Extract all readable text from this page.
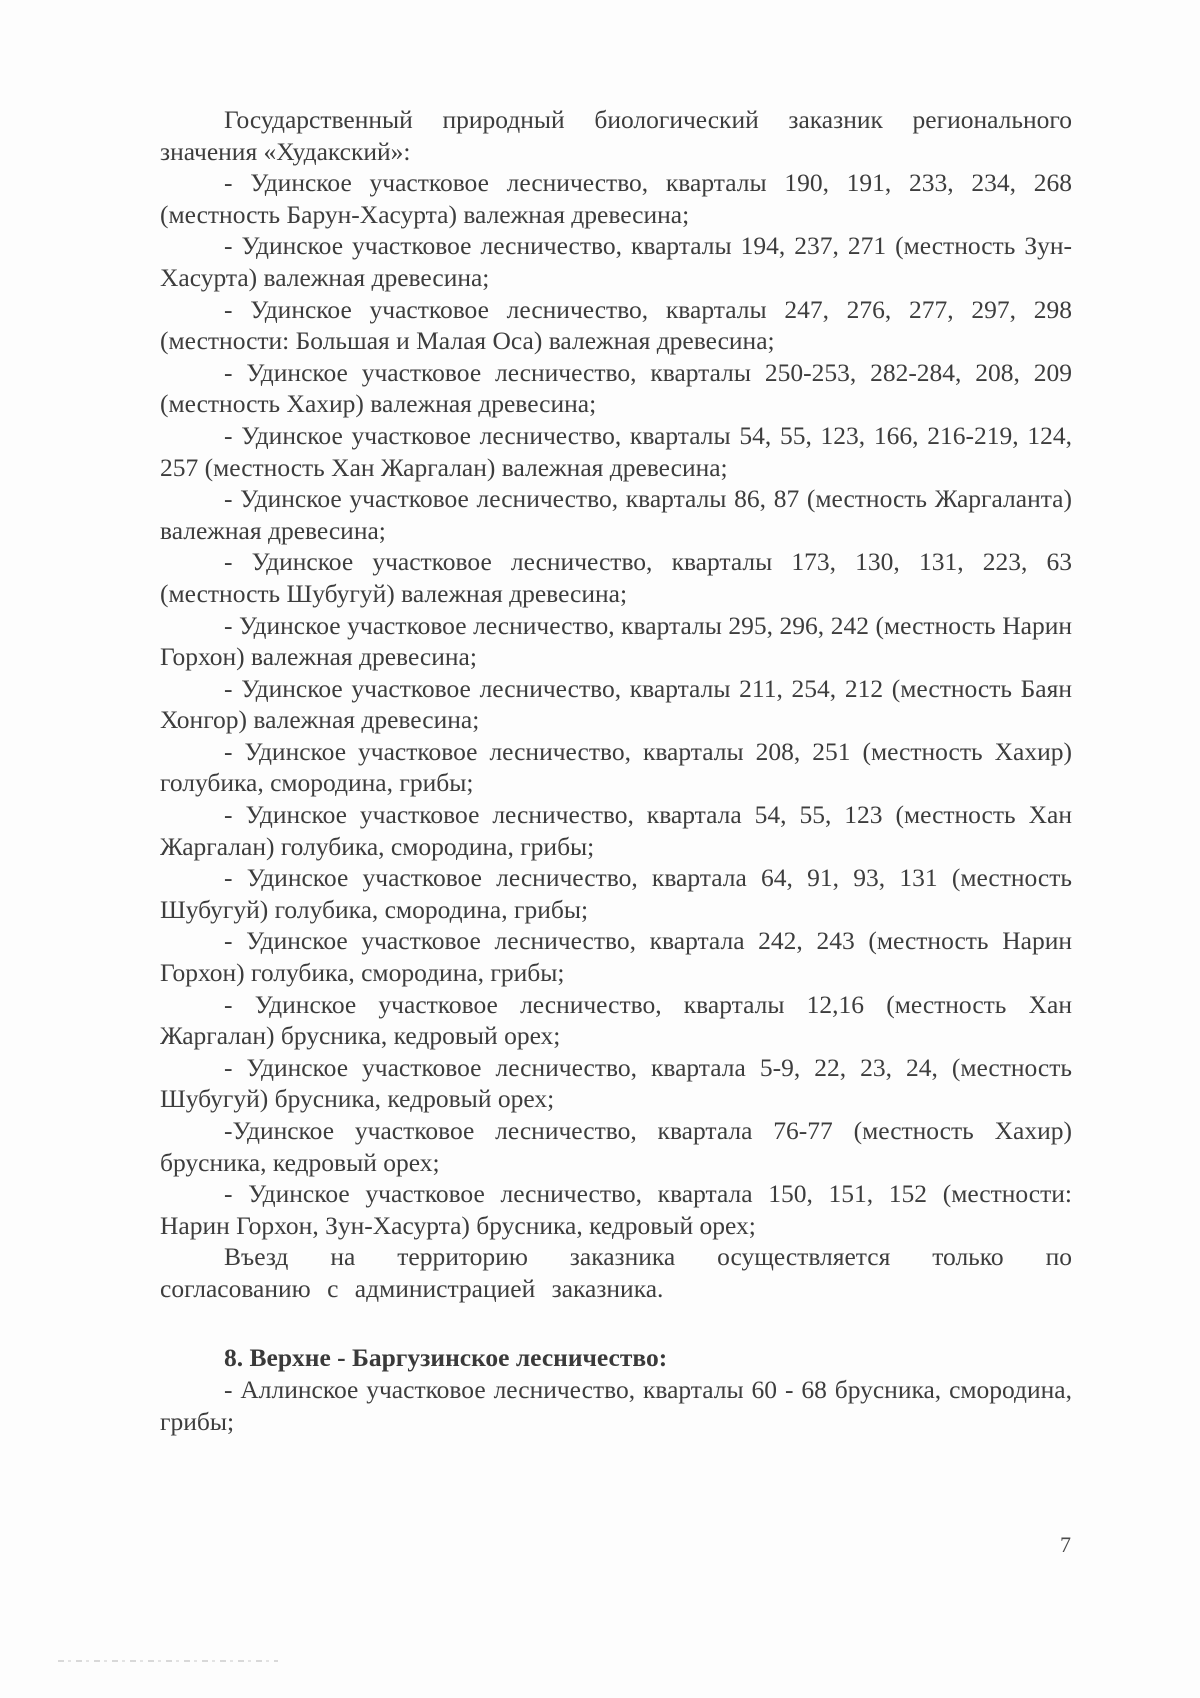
Государственный природный биологический заказник регионального значения «Худакский»:

- Удинское участковое лесничество, кварталы 190, 191, 233, 234, 268 (местность Барун-Хасурта) валежная древесина;

- Удинское участковое лесничество, кварталы 194, 237, 271 (местность Зун-Хасурта) валежная древесина;

- Удинское участковое лесничество, кварталы 247, 276, 277, 297, 298 (местности: Большая и Малая Оса) валежная древесина;

- Удинское участковое лесничество, кварталы 250-253, 282-284, 208, 209 (местность Хахир) валежная древесина;

- Удинское участковое лесничество, кварталы 54, 55, 123, 166, 216-219, 124, 257 (местность Хан Жаргалан) валежная древесина;

- Удинское участковое лесничество, кварталы 86, 87 (местность Жаргаланта) валежная древесина;

- Удинское участковое лесничество, кварталы 173, 130, 131, 223, 63 (местность Шубугуй) валежная древесина;

- Удинское участковое лесничество, кварталы 295, 296, 242 (местность Нарин Горхон) валежная древесина;

- Удинское участковое лесничество, кварталы 211, 254, 212 (местность Баян Хонгор) валежная древесина;

- Удинское участковое лесничество, кварталы 208, 251 (местность Хахир) голубика, смородина, грибы;

- Удинское участковое лесничество, квартала 54, 55, 123 (местность Хан Жаргалан) голубика, смородина, грибы;

- Удинское участковое лесничество, квартала 64, 91, 93, 131 (местность Шубугуй) голубика, смородина, грибы;

- Удинское участковое лесничество, квартала 242, 243 (местность Нарин Горхон) голубика, смородина, грибы;

- Удинское участковое лесничество, кварталы 12,16 (местность Хан Жаргалан) брусника, кедровый орех;

- Удинское участковое лесничество, квартала 5-9, 22, 23, 24, (местность Шубугуй) брусника, кедровый орех;

-Удинское участковое лесничество, квартала 76-77 (местность Хахир) брусника, кедровый орех;

- Удинское участковое лесничество, квартала 150, 151, 152 (местности: Нарин Горхон, Зун-Хасурта) брусника, кедровый орех;

Въезд на территорию заказника осуществляется только по согласованию с администрацией заказника.

8. Верхне - Баргузинское лесничество:

- Аллинское участковое лесничество, кварталы 60 - 68 брусника, смородина, грибы;

7
